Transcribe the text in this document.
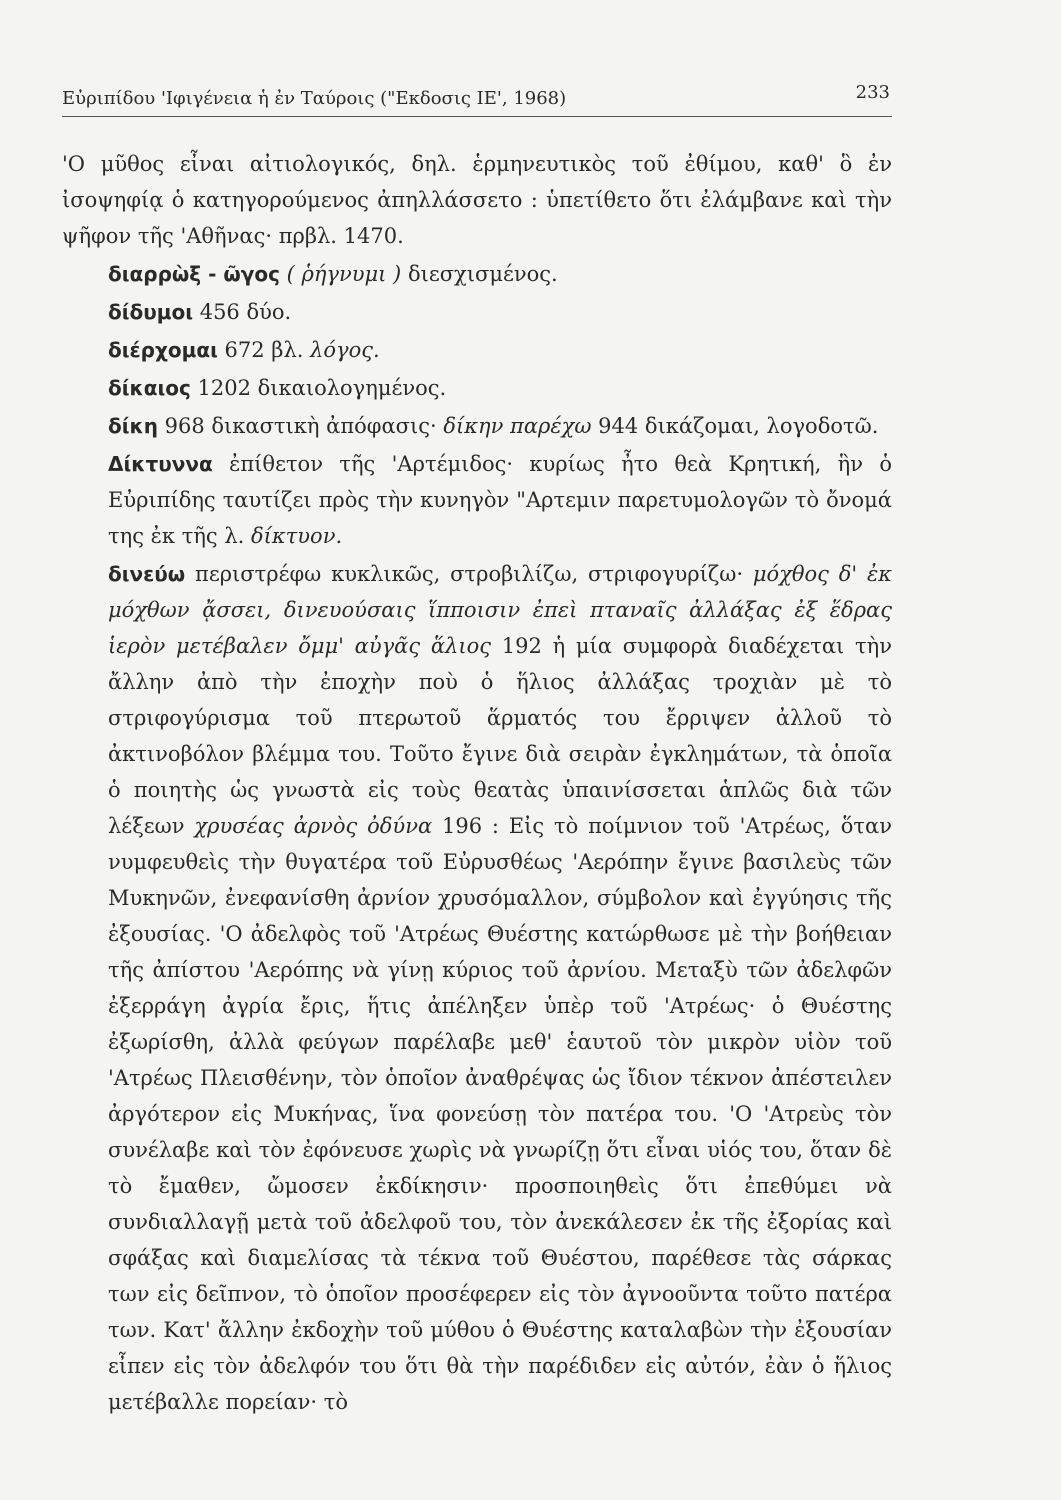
Εὐριπίδου 'Ιφιγένεια ἡ ἐν Ταύροις ("Εκδοσις ΙΕ', 1968)	233

'Ο μῦθος εἶναι αἰτιολογικός, δηλ. ἑρμηνευτικὸς τοῦ ἐθίμου, καθ' ὃ ἐν ἰσοψηφίᾳ ὁ κατηγορούμενος ἀπηλλάσσετο : ὑπετίθετο ὅτι ἐλάμβανε καὶ τὴν ψῆφον τῆς 'Αθῆνας· πρβλ. 1470.

διαρρὼξ - ῶγος ( ῥήγνυμι ) διεσχισμένος.

δίδυμοι 456 δύο.

διέρχομαι 672 βλ. λόγος.

δίκαιος 1202 δικαιολογημένος.

δίκη 968 δικαστικὴ ἀπόφασις· δίκην παρέχω 944 δικάζομαι, λογοδοτῶ.

Δίκτυννα ἐπίθετον τῆς 'Αρτέμιδος· κυρίως ἦτο θεὰ Κρητική, ἣν ὁ Εὐριπίδης ταυτίζει πρὸς τὴν κυνηγὸν "Αρτεμιν παρετυμολογῶν τὸ ὄνομά της ἐκ τῆς λ. δίκτυον.

δινεύω περιστρέφω κυκλικῶς, στροβιλίζω, στριφογυρίζω· μόχθος δ' ἐκ μόχθων ᾄσσει, δινευούσαις ἵπποισιν ἐπεὶ πταναῖς ἀλλάξας ἐξ ἕδρας ἱερὸν μετέβαλεν ὄμμ' αὐγᾶς ἅλιος 192 ἡ μία συμφορὰ διαδέχεται τὴν ἄλλην ἀπὸ τὴν ἐποχὴν ποὺ ὁ ἥλιος ἀλλάξας τροχιὰν μὲ τὸ στριφογύρισμα τοῦ πτερωτοῦ ἅρματός του ἔρριψεν ἀλλοῦ τὸ ἀκτινοβόλον βλέμμα του. Τοῦτο ἔγινε διὰ σειρὰν ἐγκλημάτων, τὰ ὁποῖα ὁ ποιητὴς ὡς γνωστὰ εἰς τοὺς θεατὰς ὑπαινίσσεται ἁπλῶς διὰ τῶν λέξεων χρυσέας ἀρνὸς ὀδύνα 196 : Εἰς τὸ ποίμνιον τοῦ 'Ατρέως, ὅταν νυμφευθεὶς τὴν θυγατέρα τοῦ Εὐρυσθέως 'Αερόπην ἔγινε βασιλεὺς τῶν Μυκηνῶν, ἐνεφανίσθη ἀρνίον χρυσόμαλλον, σύμβολον καὶ ἐγγύησις τῆς ἐξουσίας. 'Ο ἀδελφὸς τοῦ 'Ατρέως Θυέστης κατώρθωσε μὲ τὴν βοήθειαν τῆς ἀπίστου 'Αερόπης νὰ γίνῃ κύριος τοῦ ἀρνίου. Μεταξὺ τῶν ἀδελφῶν ἐξερράγη ἀγρία ἔρις, ἥτις ἀπέληξεν ὑπὲρ τοῦ 'Ατρέως· ὁ Θυέστης ἐξωρίσθη, ἀλλὰ φεύγων παρέλαβε μεθ' ἑαυτοῦ τὸν μικρὸν υἱὸν τοῦ 'Ατρέως Πλεισθένην, τὸν ὁποῖον ἀναθρέψας ὡς ἴδιον τέκνον ἀπέστειλεν ἀργότερον εἰς Μυκήνας, ἵνα φονεύσῃ τὸν πατέρα του. 'Ο 'Ατρεὺς τὸν συνέλαβε καὶ τὸν ἐφόνευσε χωρὶς νὰ γνωρίζῃ ὅτι εἶναι υἱός του, ὅταν δὲ τὸ ἔμαθεν, ὤμοσεν ἐκδίκησιν· προσποιηθεὶς ὅτι ἐπεθύμει νὰ συνδιαλλαγῇ μετὰ τοῦ ἀδελφοῦ του, τὸν ἀνεκάλεσεν ἐκ τῆς ἐξορίας καὶ σφάξας καὶ διαμελίσας τὰ τέκνα τοῦ Θυέστου, παρέθεσε τὰς σάρκας των εἰς δεῖπνον, τὸ ὁποῖον προσέφερεν εἰς τὸν ἀγνοοῦντα τοῦτο πατέρα των. Κατ' ἄλλην ἐκδοχὴν τοῦ μύθου ὁ Θυέστης καταλαβὼν τὴν ἐξουσίαν εἶπεν εἰς τὸν ἀδελφόν του ὅτι θὰ τὴν παρέδιδεν εἰς αὐτόν, ἐὰν ὁ ἥλιος μετέβαλλε πορείαν· τὸ
